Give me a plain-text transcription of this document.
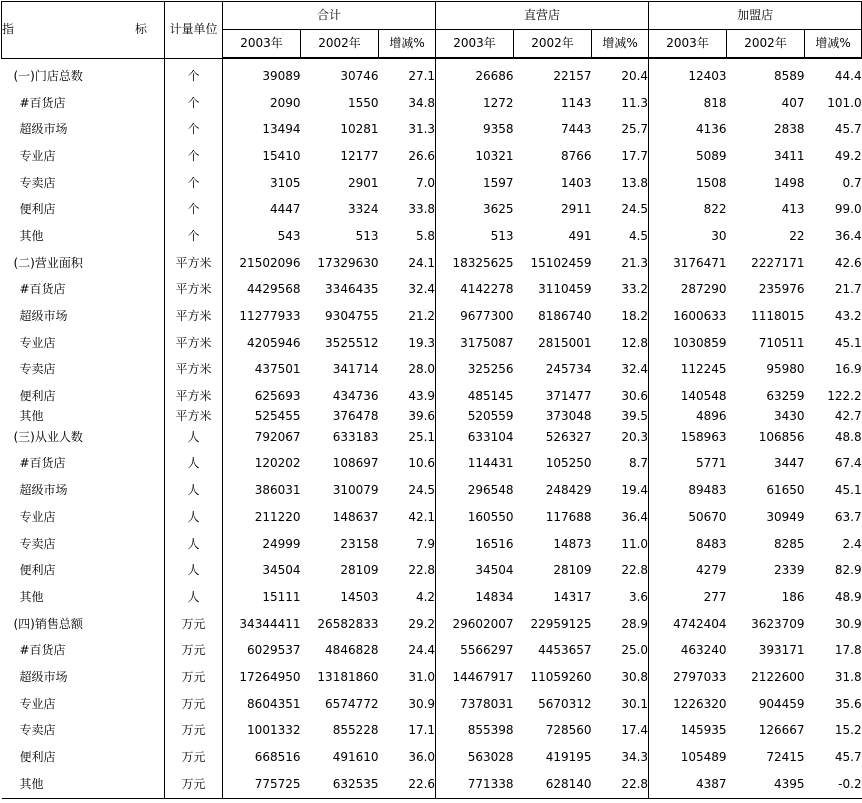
指 标	计量单位	合计			直营店			加盟店		
		2003年	2002年	增减%	2003年	2002年	增减%	2003年	2002年	增减%
(一)门店总数	个	39089	30746	27.1	26686	22157	20.4	12403	8589	44.4
#百货店	个	2090	1550	34.8	1272	1143	11.3	818	407	101.0
超级市场	个	13494	10281	31.3	9358	7443	25.7	4136	2838	45.7
专业店	个	15410	12177	26.6	10321	8766	17.7	5089	3411	49.2
专卖店	个	3105	2901	7.0	1597	1403	13.8	1508	1498	0.7
便利店	个	4447	3324	33.8	3625	2911	24.5	822	413	99.0
其他	个	543	513	5.8	513	491	4.5	30	22	36.4
(二)营业面积	平方米	21502096	17329630	24.1	18325625	15102459	21.3	3176471	2227171	42.6
#百货店	平方米	4429568	3346435	32.4	4142278	3110459	33.2	287290	235976	21.7
超级市场	平方米	11277933	9304755	21.2	9677300	8186740	18.2	1600633	1118015	43.2
专业店	平方米	4205946	3525512	19.3	3175087	2815001	12.8	1030859	710511	45.1
专卖店	平方米	437501	341714	28.0	325256	245734	32.4	112245	95980	16.9
便利店	平方米	625693	434736	43.9	485145	371477	30.6	140548	63259	122.2
其他	平方米	525455	376478	39.6	520559	373048	39.5	4896	3430	42.7
(三)从业人数	人	792067	633183	25.1	633104	526327	20.3	158963	106856	48.8
#百货店	人	120202	108697	10.6	114431	105250	8.7	5771	3447	67.4
超级市场	人	386031	310079	24.5	296548	248429	19.4	89483	61650	45.1
专业店	人	211220	148637	42.1	160550	117688	36.4	50670	30949	63.7
专卖店	人	24999	23158	7.9	16516	14873	11.0	8483	8285	2.4
便利店	人	34504	28109	22.8	34504	28109	22.8	4279	2339	82.9
其他	人	15111	14503	4.2	14834	14317	3.6	277	186	48.9
(四)销售总额	万元	34344411	26582833	29.2	29602007	22959125	28.9	4742404	3623709	30.9
#百货店	万元	6029537	4846828	24.4	5566297	4453657	25.0	463240	393171	17.8
超级市场	万元	17264950	13181860	31.0	14467917	11059260	30.8	2797033	2122600	31.8
专业店	万元	8604351	6574772	30.9	7378031	5670312	30.1	1226320	904459	35.6
专卖店	万元	1001332	855228	17.1	855398	728560	17.4	145935	126667	15.2
便利店	万元	668516	491610	36.0	563028	419195	34.3	105489	72415	45.7
其他	万元	775725	632535	22.6	771338	628140	22.8	4387	4395	-0.2
